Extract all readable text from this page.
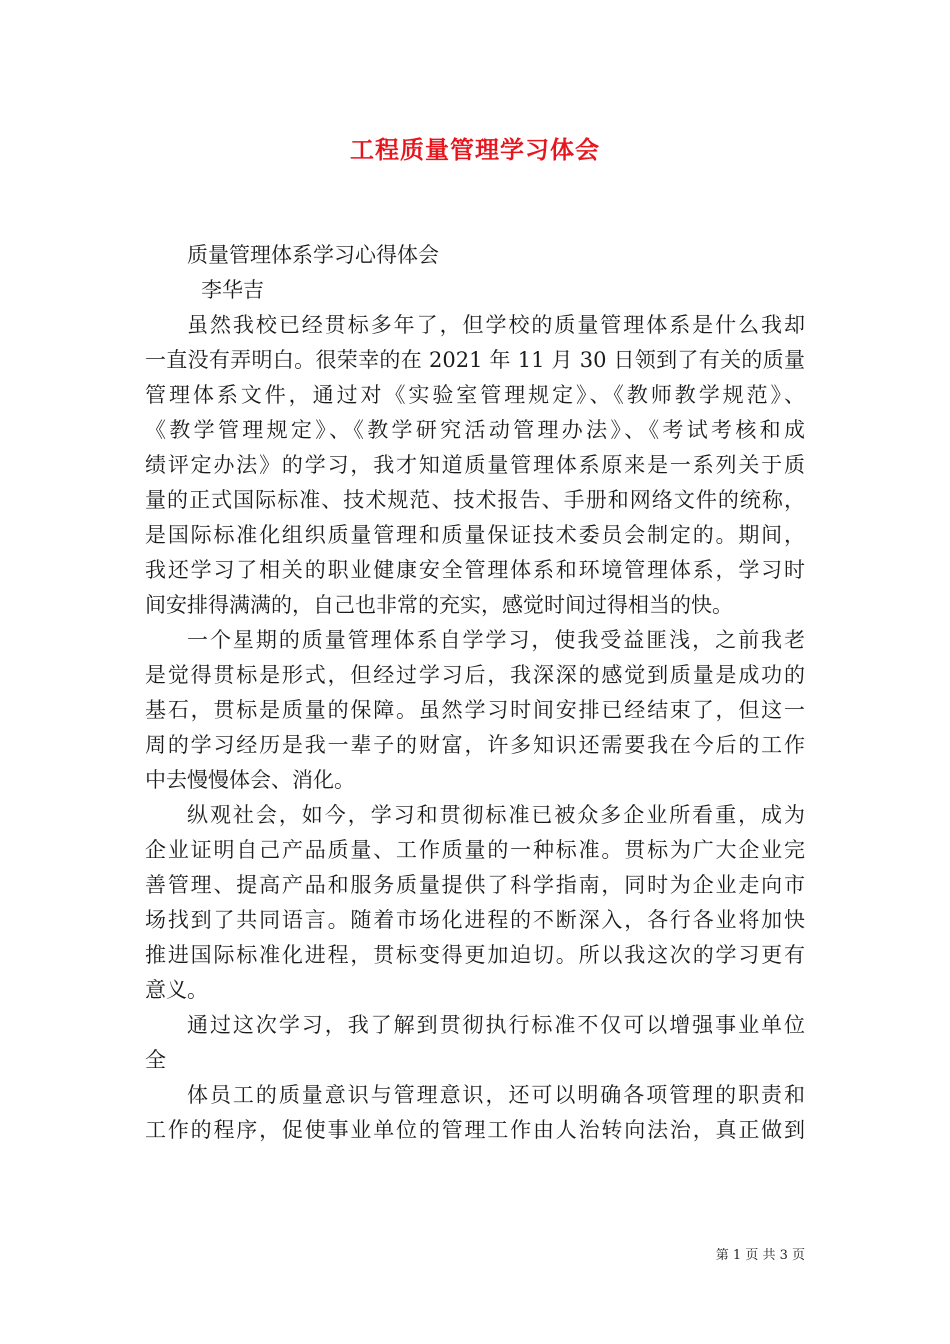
工程质量管理学习体会
质量管理体系学习心得体会
李华吉
虽然我校已经贯标多年了，但学校的质量管理体系是什么我却
一直没有弄明白。很荣幸的在 2021 年 11 月 30 日领到了有关的质量
管理体系文件，通过对《实验室管理规定》、《教师教学规范》、
《教学管理规定》、《教学研究活动管理办法》、《考试考核和成
绩评定办法》的学习，我才知道质量管理体系原来是一系列关于质
量的正式国际标准、技术规范、技术报告、手册和网络文件的统称，
是国际标准化组织质量管理和质量保证技术委员会制定的。期间，
我还学习了相关的职业健康安全管理体系和环境管理体系，学习时
间安排得满满的，自己也非常的充实，感觉时间过得相当的快。
一个星期的质量管理体系自学学习，使我受益匪浅，之前我老
是觉得贯标是形式，但经过学习后，我深深的感觉到质量是成功的
基石，贯标是质量的保障。虽然学习时间安排已经结束了，但这一
周的学习经历是我一辈子的财富，许多知识还需要我在今后的工作
中去慢慢体会、消化。
纵观社会，如今，学习和贯彻标准已被众多企业所看重，成为
企业证明自己产品质量、工作质量的一种标准。贯标为广大企业完
善管理、提高产品和服务质量提供了科学指南，同时为企业走向市
场找到了共同语言。随着市场化进程的不断深入，各行各业将加快
推进国际标准化进程，贯标变得更加迫切。所以我这次的学习更有
意义。
通过这次学习，我了解到贯彻执行标准不仅可以增强事业单位
全
体员工的质量意识与管理意识，还可以明确各项管理的职责和
工作的程序，促使事业单位的管理工作由人治转向法治，真正做到
第 1 页 共 3 页
